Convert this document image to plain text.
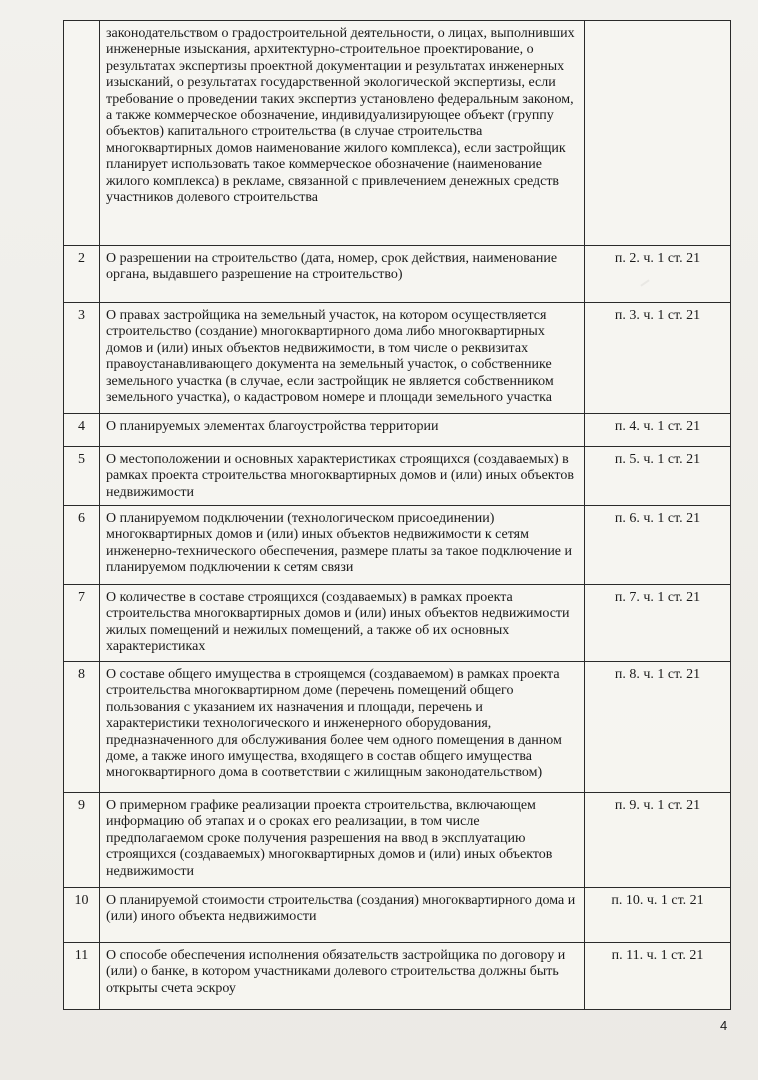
	законодательством о градостроительной деятельности, о лицах, выполнивших инженерные изыскания, архитектурно-строительное проектирование, о результатах экспертизы проектной документации и результатах инженерных изысканий, о результатах государственной экологической экспертизы, если требование о проведении таких экспертиз установлено федеральным законом, а также коммерческое обозначение, индивидуализирующее объект (группу объектов) капитального строительства (в случае строительства многоквартирных домов наименование жилого комплекса), если застройщик планирует использовать такое коммерческое обозначение (наименование жилого комплекса) в рекламе, связанной с привлечением денежных средств участников долевого строительства	
2	О разрешении на строительство (дата, номер, срок действия, наименование органа, выдавшего разрешение на строительство)	п. 2. ч. 1 ст. 21
3	О правах застройщика на земельный участок, на котором осуществляется строительство (создание) многоквартирного дома либо многоквартирных домов и (или) иных объектов недвижимости, в том числе о реквизитах правоустанавливающего документа на земельный участок, о собственнике земельного участка (в случае, если застройщик не является собственником земельного участка), о кадастровом номере и площади земельного участка	п. 3. ч. 1 ст. 21
4	О планируемых элементах благоустройства территории	п. 4. ч. 1 ст. 21
5	О местоположении и основных характеристиках строящихся (создаваемых) в рамках проекта строительства многоквартирных домов и (или) иных объектов недвижимости	п. 5. ч. 1 ст. 21
6	О планируемом подключении (технологическом присоединении) многоквартирных домов и (или) иных объектов недвижимости к сетям инженерно-технического обеспечения, размере платы за такое подключение и планируемом подключении к сетям связи	п. 6. ч. 1 ст. 21
7	О количестве в составе строящихся (создаваемых) в рамках проекта строительства многоквартирных домов и (или) иных объектов недвижимости жилых помещений и нежилых помещений, а также об их основных характеристиках	п. 7. ч. 1 ст. 21
8	О составе общего имущества в строящемся (создаваемом) в рамках проекта строительства многоквартирном доме (перечень помещений общего пользования с указанием их назначения и площади, перечень и характеристики технологического и инженерного оборудования, предназначенного для обслуживания более чем одного помещения в данном доме, а также иного имущества, входящего в состав общего имущества многоквартирного дома в соответствии с жилищным законодательством)	п. 8. ч. 1 ст. 21
9	О примерном графике реализации проекта строительства, включающем информацию об этапах и о сроках его реализации, в том числе предполагаемом сроке получения разрешения на ввод в эксплуатацию строящихся (создаваемых) многоквартирных домов и (или) иных объектов недвижимости	п. 9. ч. 1 ст. 21
10	О планируемой стоимости строительства (создания) многоквартирного дома и (или) иного объекта недвижимости	п. 10. ч. 1 ст. 21
11	О способе обеспечения исполнения обязательств застройщика по договору и (или) о банке, в котором участниками долевого строительства должны быть открыты счета эскроу	п. 11. ч. 1 ст. 21
4
